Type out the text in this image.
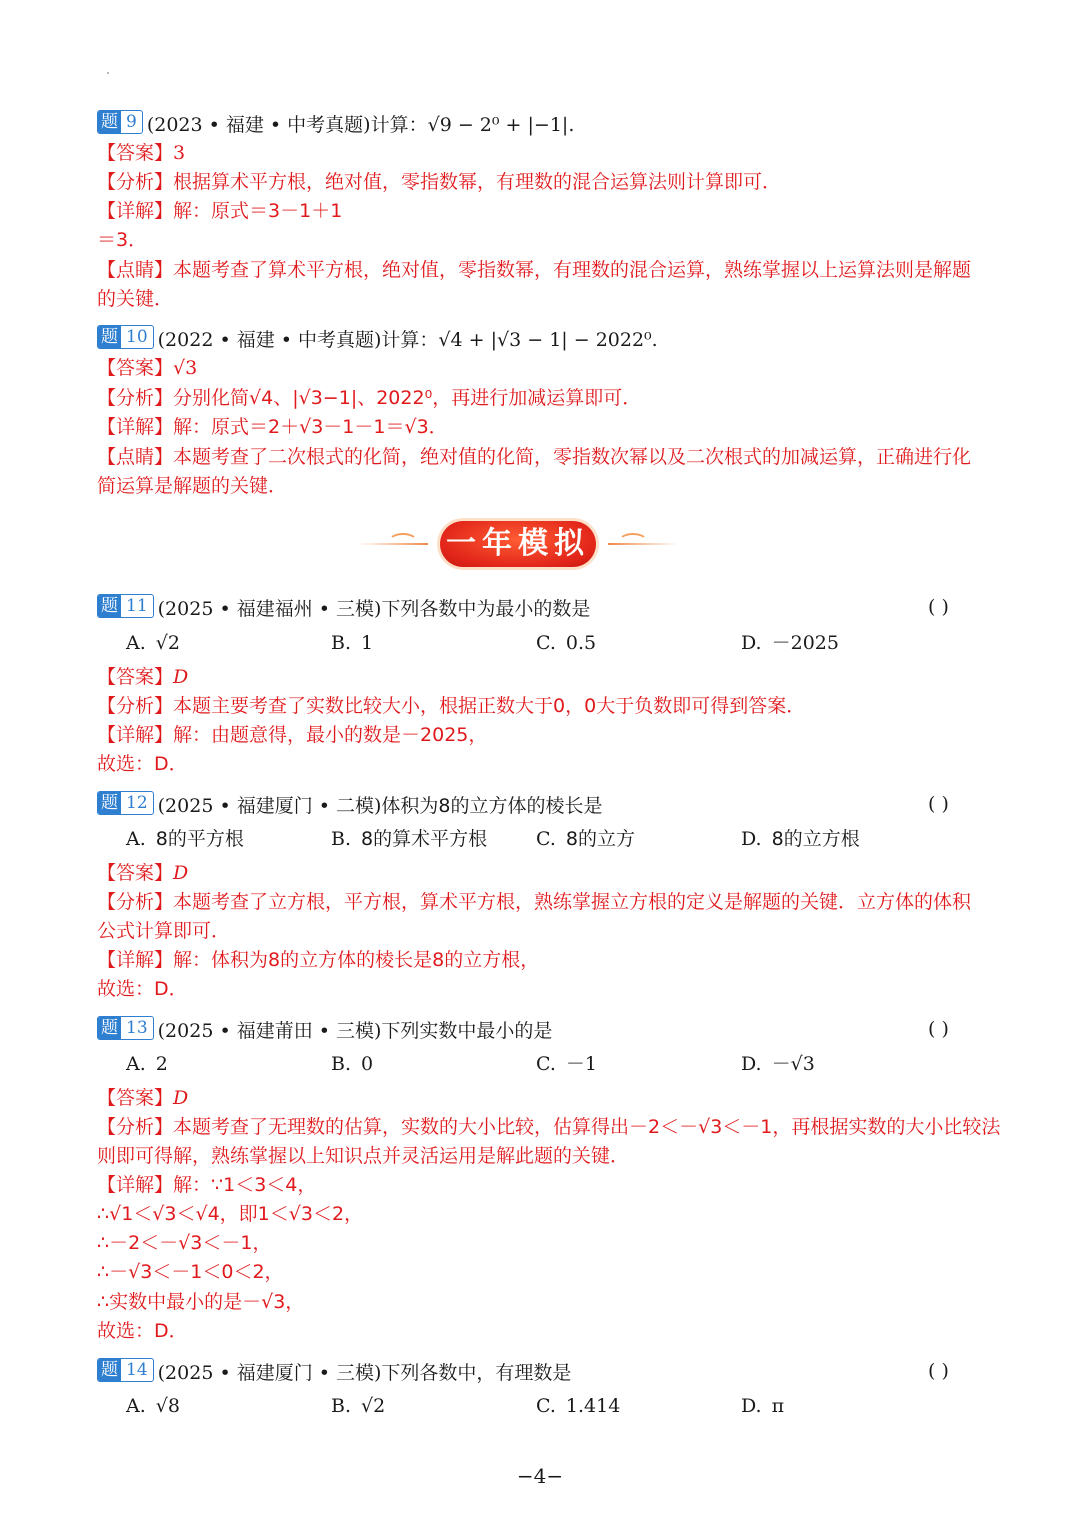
题 9 (2023 • 福建 • 中考真题)计算：√9 − 2⁰ + |−1|.
【答案】3
【分析】根据算术平方根，绝对值，零指数幂，有理数的混合运算法则计算即可．
【详解】解：原式＝3－1＋1
＝3．
【点睛】本题考查了算术平方根，绝对值，零指数幂，有理数的混合运算，熟练掌握以上运算法则是解题
的关键．
题 10 (2022 • 福建 • 中考真题)计算：√4 + |√3 − 1| − 2022⁰.
【答案】√3
【分析】分别化简√4、|√3−1|、2022⁰，再进行加减运算即可．
【详解】解：原式＝2＋√3－1－1＝√3．
【点睛】本题考查了二次根式的化简，绝对值的化简，零指数次幂以及二次根式的加减运算，正确进行化
简运算是解题的关键．
一年模拟
题 11 (2025 • 福建福州 • 三模)下列各数中为最小的数是	( )
A. √2	B. 1	C. 0.5	D. －2025
【答案】D
【分析】本题主要考查了实数比较大小，根据正数大于0，0大于负数即可得到答案．
【详解】解：由题意得，最小的数是－2025，
故选：D．
题 12 (2025 • 福建厦门 • 二模)体积为8的立方体的棱长是	( )
A. 8的平方根	B. 8的算术平方根	C. 8的立方	D. 8的立方根
【答案】D
【分析】本题考查了立方根，平方根，算术平方根，熟练掌握立方根的定义是解题的关键．立方体的体积
公式计算即可．
【详解】解：体积为8的立方体的棱长是8的立方根，
故选：D．
题 13 (2025 • 福建莆田 • 三模)下列实数中最小的是	( )
A. 2	B. 0	C. －1	D. －√3
【答案】D
【分析】本题考查了无理数的估算，实数的大小比较，估算得出－2＜－√3＜－1，再根据实数的大小比较法
则即可得解，熟练掌握以上知识点并灵活运用是解此题的关键．
【详解】解：∵1＜3＜4，
∴√1＜√3＜√4，即1＜√3＜2，
∴－2＜－√3＜－1，
∴－√3＜－1＜0＜2，
∴实数中最小的是－√3，
故选：D．
题 14 (2025 • 福建厦门 • 三模)下列各数中，有理数是	( )
A. √8	B. √2	C. 1.414	D. π
−4−
